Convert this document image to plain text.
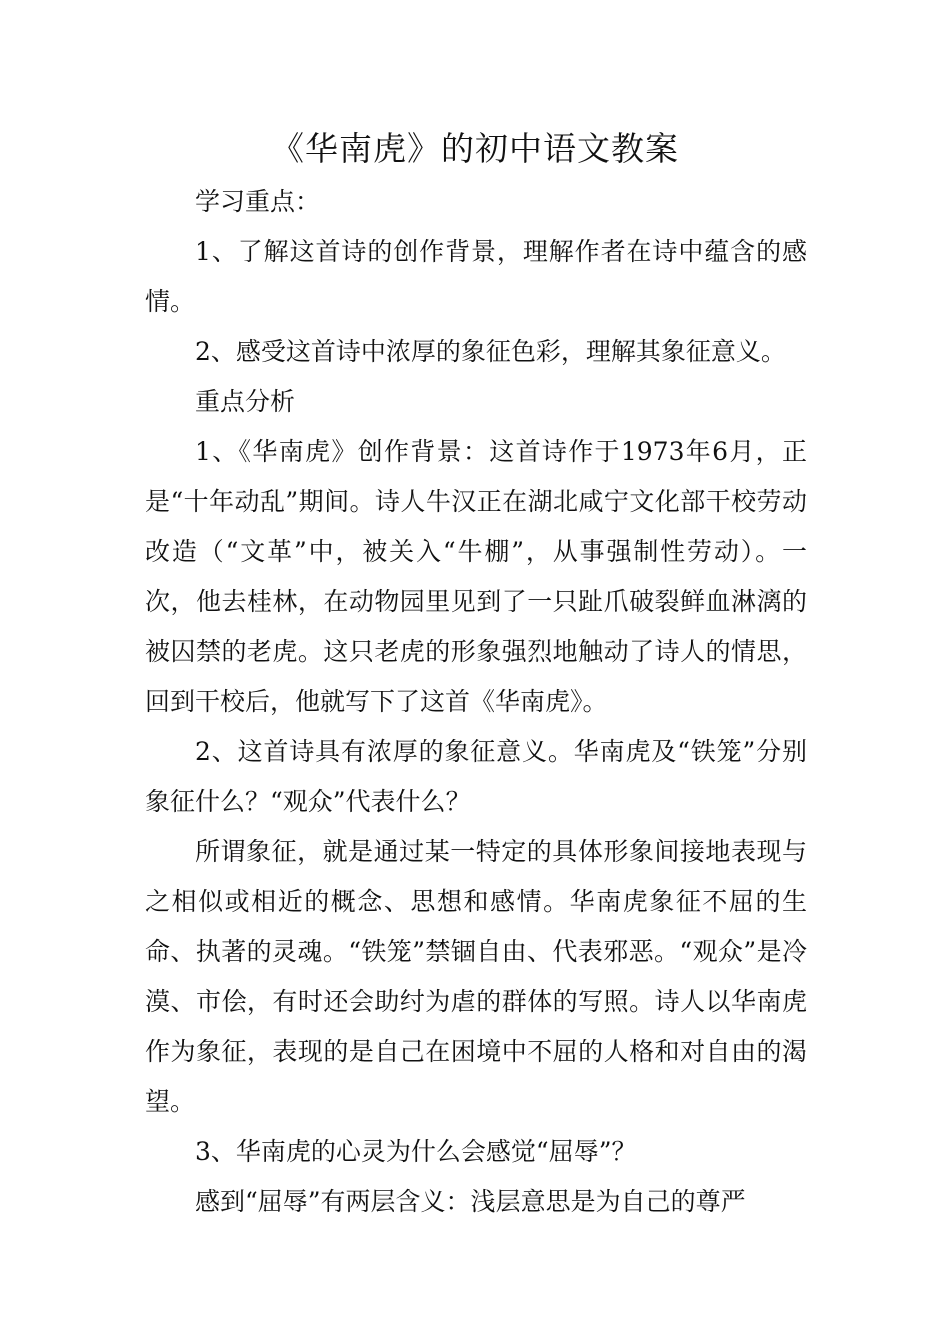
《华南虎》的初中语文教案

学习重点：

1、了解这首诗的创作背景，理解作者在诗中蕴含的感情。

2、感受这首诗中浓厚的象征色彩，理解其象征意义。

重点分析

1、《华南虎》创作背景：这首诗作于1973年6月，正是“十年动乱”期间。诗人牛汉正在湖北咸宁文化部干校劳动改造（“文革”中，被关入“牛棚”，从事强制性劳动）。一次，他去桂林，在动物园里见到了一只趾爪破裂鲜血淋漓的被囚禁的老虎。这只老虎的形象强烈地触动了诗人的情思，回到干校后，他就写下了这首《华南虎》。

2、这首诗具有浓厚的象征意义。华南虎及“铁笼”分别象征什么？“观众”代表什么？

所谓象征，就是通过某一特定的具体形象间接地表现与之相似或相近的概念、思想和感情。华南虎象征不屈的生命、执著的灵魂。“铁笼”禁锢自由、代表邪恶。“观众”是冷漠、市侩，有时还会助纣为虐的群体的写照。诗人以华南虎作为象征，表现的是自己在困境中不屈的人格和对自由的渴望。

3、华南虎的心灵为什么会感觉“屈辱”？

感到“屈辱”有两层含义：浅层意思是为自己的尊严
